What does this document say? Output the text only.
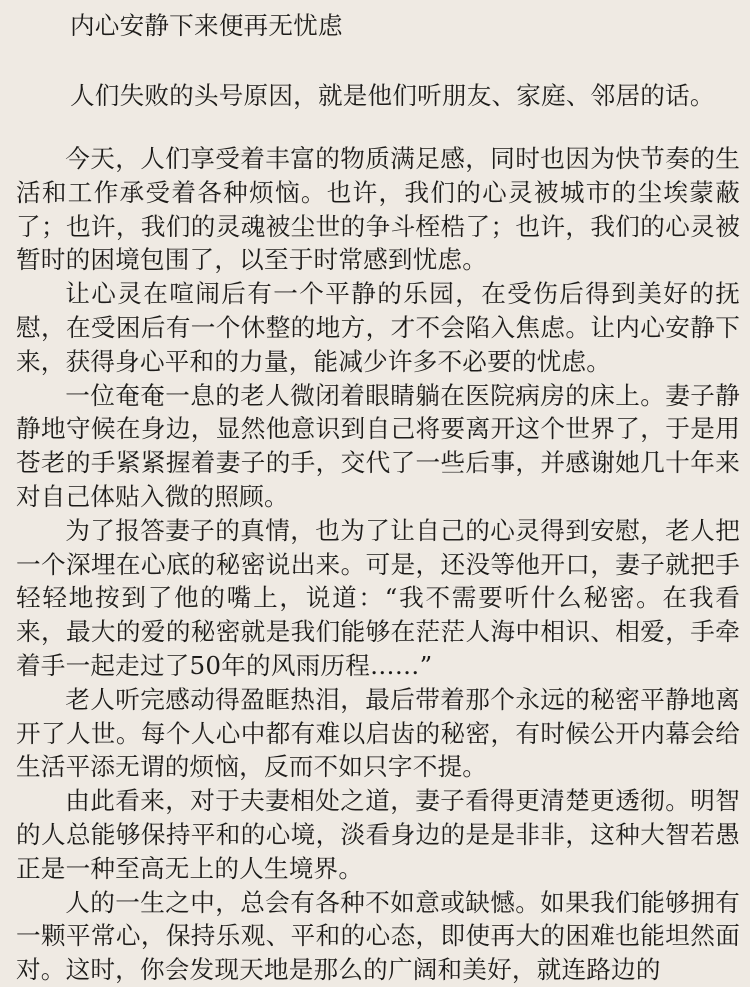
内心安静下来便再无忧虑

人们失败的头号原因，就是他们听朋友、家庭、邻居的话。

今天，人们享受着丰富的物质满足感，同时也因为快节奏的生活和工作承受着各种烦恼。也许，我们的心灵被城市的尘埃蒙蔽了；也许，我们的灵魂被尘世的争斗桎梏了；也许，我们的心灵被暂时的困境包围了，以至于时常感到忧虑。

让心灵在喧闹后有一个平静的乐园，在受伤后得到美好的抚慰，在受困后有一个休整的地方，才不会陷入焦虑。让内心安静下来，获得身心平和的力量，能减少许多不必要的忧虑。

一位奄奄一息的老人微闭着眼睛躺在医院病房的床上。妻子静静地守候在身边，显然他意识到自己将要离开这个世界了，于是用苍老的手紧紧握着妻子的手，交代了一些后事，并感谢她几十年来对自己体贴入微的照顾。

为了报答妻子的真情，也为了让自己的心灵得到安慰，老人把一个深埋在心底的秘密说出来。可是，还没等他开口，妻子就把手轻轻地按到了他的嘴上，说道：“我不需要听什么秘密。在我看来，最大的爱的秘密就是我们能够在茫茫人海中相识、相爱，手牵着手一起走过了50年的风雨历程……”

老人听完感动得盈眶热泪，最后带着那个永远的秘密平静地离开了人世。每个人心中都有难以启齿的秘密，有时候公开内幕会给生活平添无谓的烦恼，反而不如只字不提。

由此看来，对于夫妻相处之道，妻子看得更清楚更透彻。明智的人总能够保持平和的心境，淡看身边的是是非非，这种大智若愚正是一种至高无上的人生境界。

人的一生之中，总会有各种不如意或缺憾。如果我们能够拥有一颗平常心，保持乐观、平和的心态，即使再大的困难也能坦然面对。这时，你会发现天地是那么的广阔和美好，就连路边的
